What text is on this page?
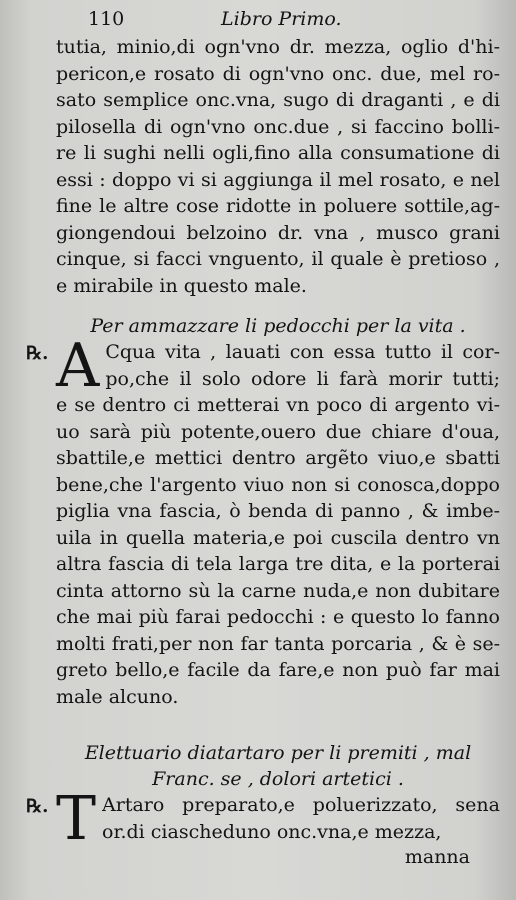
110	Libro Primo.
tutia, minio,di ogn'vno dr. mezza, oglio d'hi-
pericon,e rosato di ogn'vno onc. due, mel ro-
sato semplice onc.vna, sugo di draganti , e di
pilosella di ogn'vno onc.due , si faccino bolli-
re li sughi nelli ogli,fino alla consumatione di
essi : doppo vi si aggiunga il mel rosato, e nel
fine le altre cose ridotte in poluere sottile,ag-
giongendoui belzoino dr. vna , musco grani
cinque, si facci vnguento, il quale è pretioso ,
e mirabile in questo male.
Per ammazzare li pedocchi per la vita .
℞. A Cqua vita , lauati con essa tutto il cor-
po,che il solo odore li farà morir tutti;
e se dentro ci metterai vn poco di argento vi-
uo sarà più potente,ouero due chiare d'oua,
sbattile,e mettici dentro argẽto viuo,e sbatti
bene,che l'argento viuo non si conosca,doppo
piglia vna fascia, ò benda di panno , & imbe-
uila in quella materia,e poi cuscila dentro vn
altra fascia di tela larga tre dita, e la porterai
cinta attorno sù la carne nuda,e non dubitare
che mai più farai pedocchi : e questo lo fanno
molti frati,per non far tanta porcaria , & è se-
greto bello,e facile da fare,e non può far mai
male alcuno.
Elettuario diatartaro per li premiti , mal
Franc. se , dolori artetici .
℞. T Artaro preparato,e poluerizzato, sena
or.di ciascheduno onc.vna,e mezza,
manna
